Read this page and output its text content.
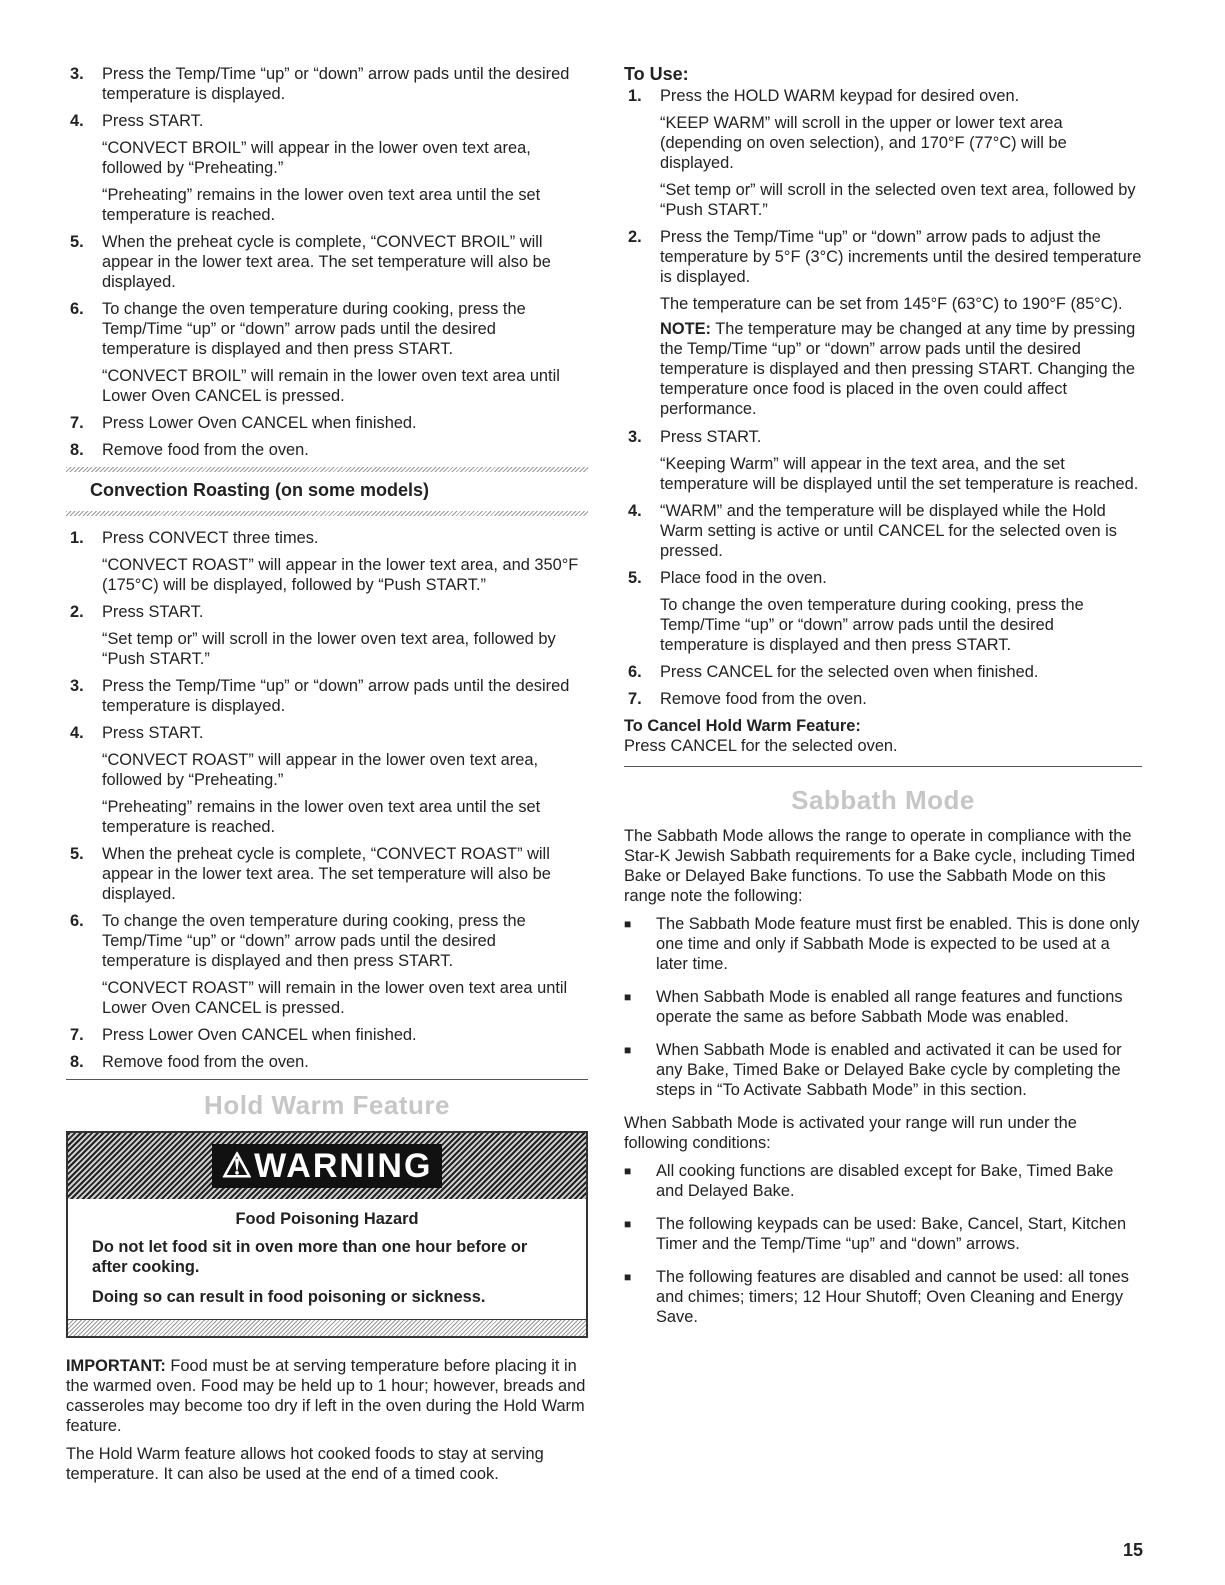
3. Press the Temp/Time “up” or “down” arrow pads until the desired temperature is displayed.
4. Press START.
“CONVECT BROIL” will appear in the lower oven text area, followed by “Preheating.”
“Preheating” remains in the lower oven text area until the set temperature is reached.
5. When the preheat cycle is complete, “CONVECT BROIL” will appear in the lower text area. The set temperature will also be displayed.
6. To change the oven temperature during cooking, press the Temp/Time “up” or “down” arrow pads until the desired temperature is displayed and then press START.
“CONVECT BROIL” will remain in the lower oven text area until Lower Oven CANCEL is pressed.
7. Press Lower Oven CANCEL when finished.
8. Remove food from the oven.
Convection Roasting (on some models)
1. Press CONVECT three times.
“CONVECT ROAST” will appear in the lower text area, and 350°F (175°C) will be displayed, followed by “Push START.”
2. Press START.
“Set temp or” will scroll in the lower oven text area, followed by “Push START.”
3. Press the Temp/Time “up” or “down” arrow pads until the desired temperature is displayed.
4. Press START.
“CONVECT ROAST” will appear in the lower oven text area, followed by “Preheating.”
“Preheating” remains in the lower oven text area until the set temperature is reached.
5. When the preheat cycle is complete, “CONVECT ROAST” will appear in the lower text area. The set temperature will also be displayed.
6. To change the oven temperature during cooking, press the Temp/Time “up” or “down” arrow pads until the desired temperature is displayed and then press START.
“CONVECT ROAST” will remain in the lower oven text area until Lower Oven CANCEL is pressed.
7. Press Lower Oven CANCEL when finished.
8. Remove food from the oven.
Hold Warm Feature
⚠WARNING
Food Poisoning Hazard
Do not let food sit in oven more than one hour before or after cooking.
Doing so can result in food poisoning or sickness.
IMPORTANT: Food must be at serving temperature before placing it in the warmed oven. Food may be held up to 1 hour; however, breads and casseroles may become too dry if left in the oven during the Hold Warm feature.
The Hold Warm feature allows hot cooked foods to stay at serving temperature. It can also be used at the end of a timed cook.
To Use:
1. Press the HOLD WARM keypad for desired oven.
“KEEP WARM” will scroll in the upper or lower text area (depending on oven selection), and 170°F (77°C) will be displayed.
“Set temp or” will scroll in the selected oven text area, followed by “Push START.”
2. Press the Temp/Time “up” or “down” arrow pads to adjust the temperature by 5°F (3°C) increments until the desired temperature is displayed.
The temperature can be set from 145°F (63°C) to 190°F (85°C).
NOTE: The temperature may be changed at any time by pressing the Temp/Time “up” or “down” arrow pads until the desired temperature is displayed and then pressing START. Changing the temperature once food is placed in the oven could affect performance.
3. Press START.
“Keeping Warm” will appear in the text area, and the set temperature will be displayed until the set temperature is reached.
4. “WARM” and the temperature will be displayed while the Hold Warm setting is active or until CANCEL for the selected oven is pressed.
5. Place food in the oven.
To change the oven temperature during cooking, press the Temp/Time “up” or “down” arrow pads until the desired temperature is displayed and then press START.
6. Press CANCEL for the selected oven when finished.
7. Remove food from the oven.
To Cancel Hold Warm Feature:
Press CANCEL for the selected oven.
Sabbath Mode
The Sabbath Mode allows the range to operate in compliance with the Star-K Jewish Sabbath requirements for a Bake cycle, including Timed Bake or Delayed Bake functions. To use the Sabbath Mode on this range note the following:
■ The Sabbath Mode feature must first be enabled. This is done only one time and only if Sabbath Mode is expected to be used at a later time.
■ When Sabbath Mode is enabled all range features and functions operate the same as before Sabbath Mode was enabled.
■ When Sabbath Mode is enabled and activated it can be used for any Bake, Timed Bake or Delayed Bake cycle by completing the steps in “To Activate Sabbath Mode” in this section.
When Sabbath Mode is activated your range will run under the following conditions:
■ All cooking functions are disabled except for Bake, Timed Bake and Delayed Bake.
■ The following keypads can be used: Bake, Cancel, Start, Kitchen Timer and the Temp/Time “up” and “down” arrows.
■ The following features are disabled and cannot be used: all tones and chimes; timers; 12 Hour Shutoff; Oven Cleaning and Energy Save.
15
